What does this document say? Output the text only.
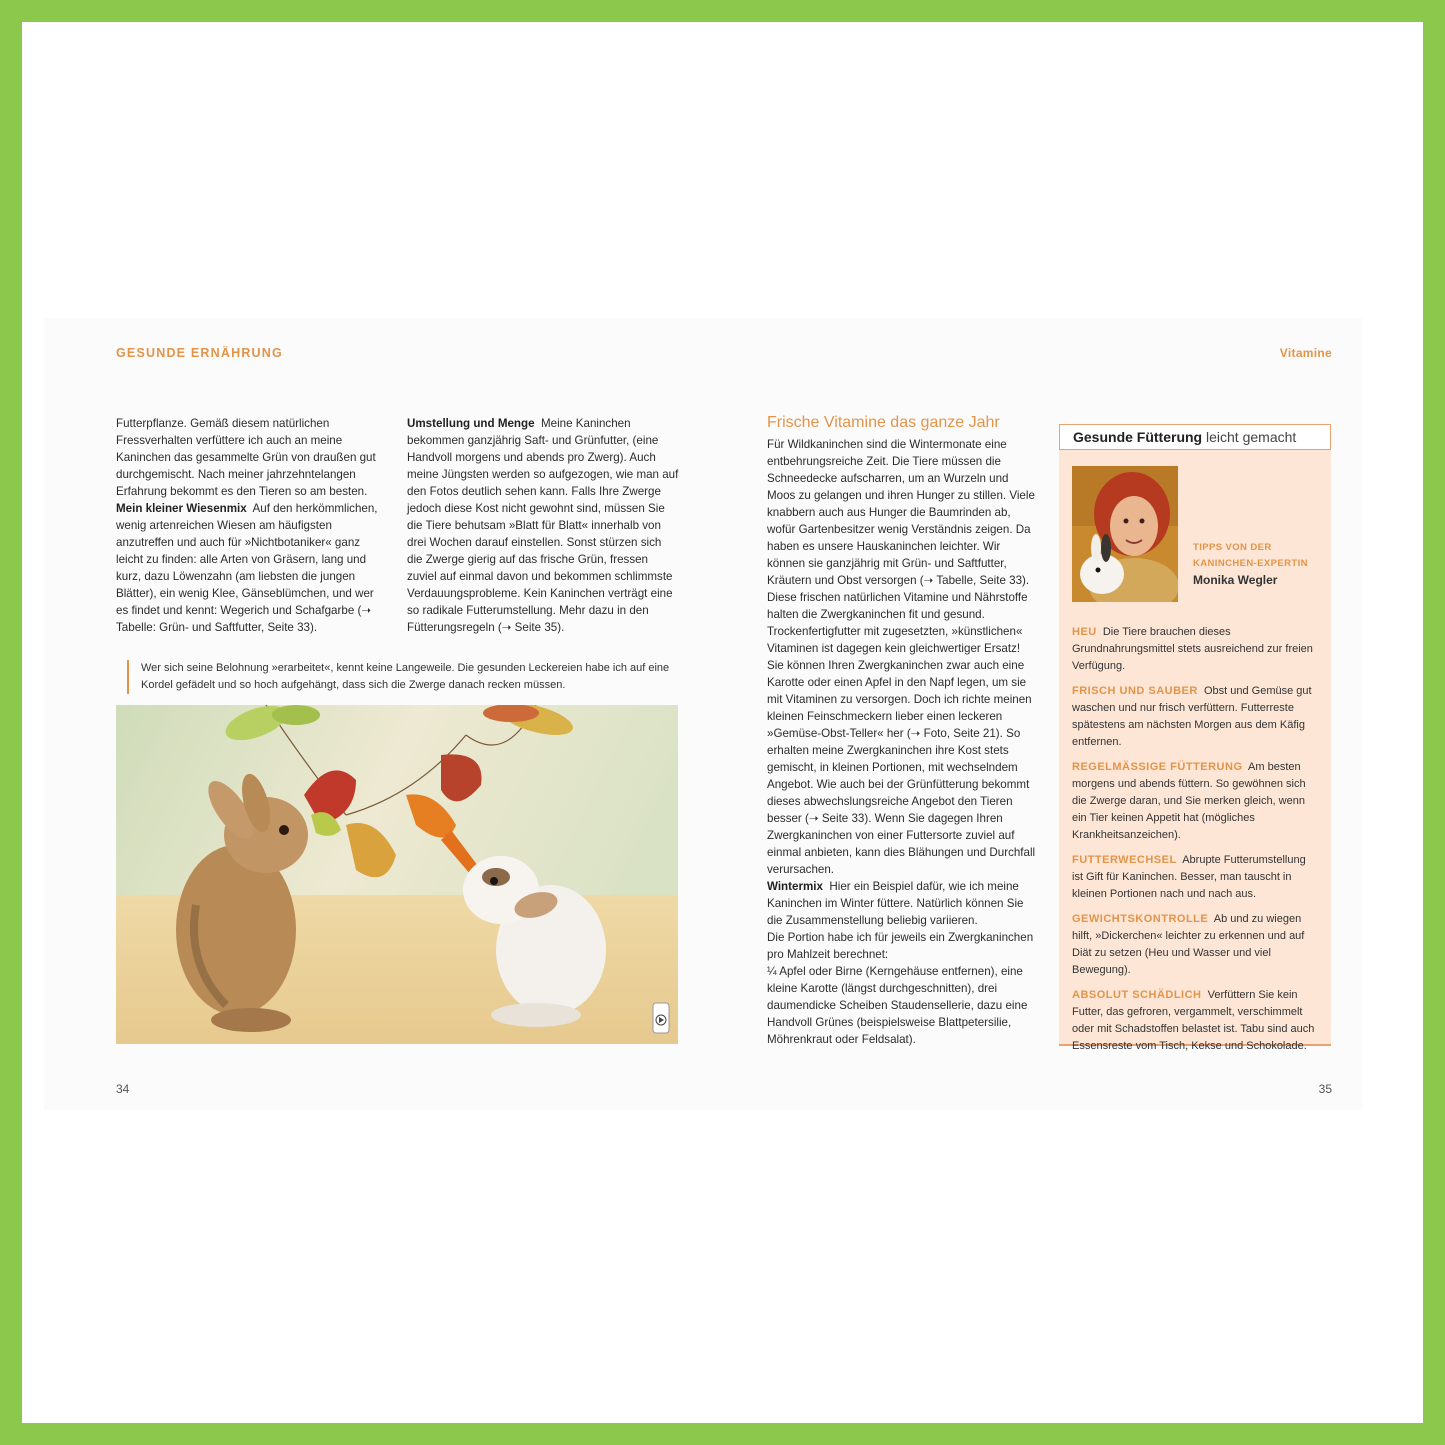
GESUNDE ERNÄHRUNG	Vitamine

Futterpflanze. Gemäß diesem natürlichen Fressverhalten verfüttere ich auch an meine Kaninchen das gesammelte Grün von draußen gut durchgemischt. Nach meiner jahrzehntelangen Erfahrung bekommt es den Tieren so am besten.

Mein kleiner Wiesenmix Auf den herkömmlichen, wenig artenreichen Wiesen am häufigsten anzutreffen und auch für »Nichtbotaniker« ganz leicht zu finden: alle Arten von Gräsern, lang und kurz, dazu Löwenzahn (am liebsten die jungen Blätter), ein wenig Klee, Gänseblümchen, und wer es findet und kennt: Wegerich und Schafgarbe (➝ Tabelle: Grün- und Saftfutter, Seite 33).

Umstellung und Menge Meine Kaninchen bekommen ganzjährig Saft- und Grünfutter, (eine Handvoll morgens und abends pro Zwerg). Auch meine Jüngsten werden so aufgezogen, wie man auf den Fotos deutlich sehen kann. Falls Ihre Zwerge jedoch diese Kost nicht gewohnt sind, müssen Sie die Tiere behutsam »Blatt für Blatt« innerhalb von drei Wochen darauf einstellen. Sonst stürzen sich die Zwerge gierig auf das frische Grün, fressen zuviel auf einmal davon und bekommen schlimmste Verdauungsprobleme. Kein Kaninchen verträgt eine so radikale Futterumstellung. Mehr dazu in den Fütterungsregeln (➝ Seite 35).

Wer sich seine Belohnung »erarbeitet«, kennt keine Langeweile. Die gesunden Leckereien habe ich auf eine Kordel gefädelt und so hoch aufgehängt, dass sich die Zwerge danach recken müssen.
34
Frische Vitamine das ganze Jahr

Für Wildkaninchen sind die Wintermonate eine entbehrungsreiche Zeit. Die Tiere müssen die Schneedecke aufscharren, um an Wurzeln und Moos zu gelangen und ihren Hunger zu stillen. Viele knabbern auch aus Hunger die Baumrinden ab, wofür Gartenbesitzer wenig Verständnis zeigen. Da haben es unsere Hauskaninchen leichter. Wir können sie ganzjährig mit Grün- und Saftfutter, Kräutern und Obst versorgen (➝ Tabelle, Seite 33). Diese frischen natürlichen Vitamine und Nährstoffe halten die Zwergkaninchen fit und gesund. Trockenfertigfutter mit zugesetzten, »künstlichen« Vitaminen ist dagegen kein gleichwertiger Ersatz!

Sie können Ihren Zwergkaninchen zwar auch eine Karotte oder einen Apfel in den Napf legen, um sie mit Vitaminen zu versorgen. Doch ich richte meinen kleinen Feinschmeckern lieber einen leckeren »Gemüse-Obst-Teller« her (➝ Foto, Seite 21). So erhalten meine Zwergkaninchen ihre Kost stets gemischt, in kleinen Portionen, mit wechselndem Angebot. Wie auch bei der Grünfütterung bekommt dieses abwechslungsreiche Angebot den Tieren besser (➝ Seite 33). Wenn Sie dagegen Ihren Zwergkaninchen von einer Futtersorte zuviel auf einmal anbieten, kann dies Blähungen und Durchfall verursachen.

Wintermix Hier ein Beispiel dafür, wie ich meine Kaninchen im Winter füttere. Natürlich können Sie die Zusammenstellung beliebig variieren.

Die Portion habe ich für jeweils ein Zwergkaninchen pro Mahlzeit berechnet:

¼ Apfel oder Birne (Kerngehäuse entfernen), eine kleine Karotte (längst durchgeschnitten), drei daumendicke Scheiben Staudensellerie, dazu eine Handvoll Grünes (beispielsweise Blattpetersilie, Möhrenkraut oder Feldsalat).

Gesunde Fütterung leicht gemacht
TIPPS VON DER
KANINCHEN-EXPERTIN
Monika Wegler

HEU Die Tiere brauchen dieses Grundnahrungsmittel stets ausreichend zur freien Verfügung.

FRISCH UND SAUBER Obst und Gemüse gut waschen und nur frisch verfüttern. Futterreste spätestens am nächsten Morgen aus dem Käfig entfernen.

REGELMÄSSIGE FÜTTERUNG Am besten morgens und abends füttern. So gewöhnen sich die Zwerge daran, und Sie merken gleich, wenn ein Tier keinen Appetit hat (mögliches Krankheitsanzeichen).

FUTTERWECHSEL Abrupte Futterumstellung ist Gift für Kaninchen. Besser, man tauscht in kleinen Portionen nach und nach aus.

GEWICHTSKONTROLLE Ab und zu wiegen hilft, »Dickerchen« leichter zu erkennen und auf Diät zu setzen (Heu und Wasser und viel Bewegung).

ABSOLUT SCHÄDLICH Verfüttern Sie kein Futter, das gefroren, vergammelt, verschimmelt oder mit Schadstoffen belastet ist. Tabu sind auch Essensreste vom Tisch, Kekse und Schokolade.

35
